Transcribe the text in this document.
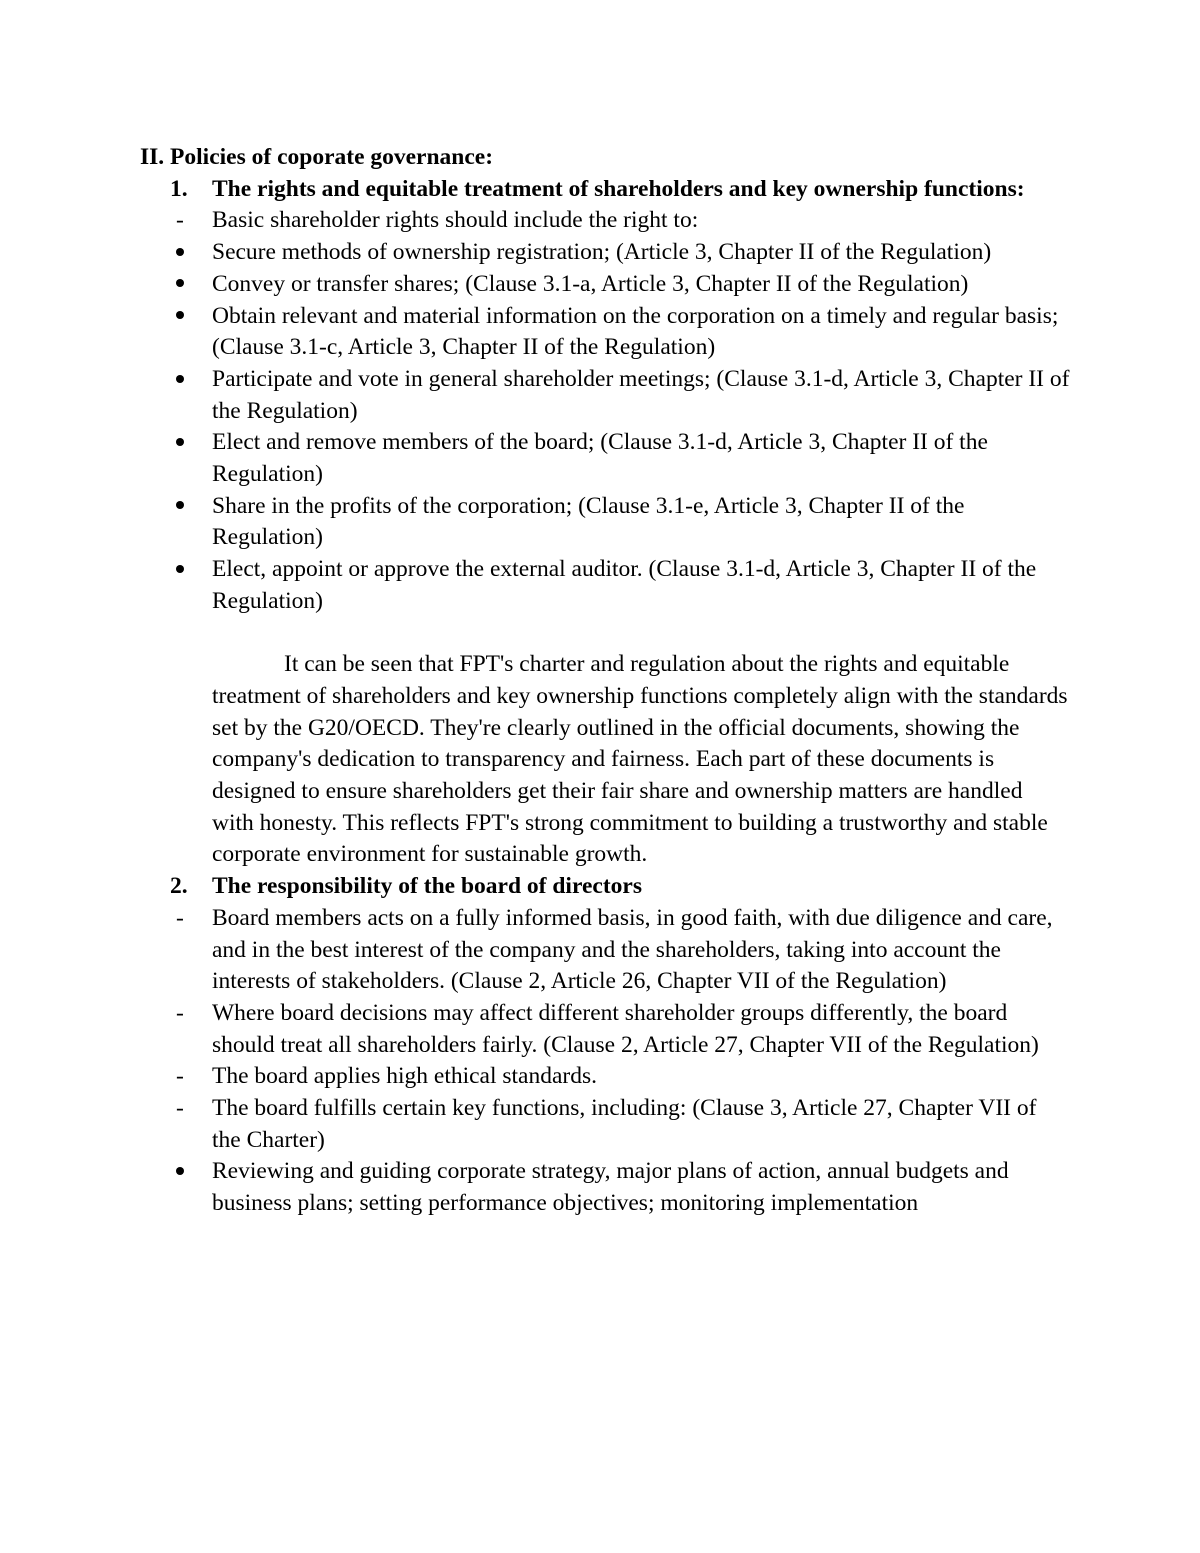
II. Policies of coporate governance:

1.	The rights and equitable treatment of shareholders and key ownership functions:
-	Basic shareholder rights should include the right to:
Secure methods of ownership registration; (Article 3, Chapter II of the Regulation)
Convey or transfer shares; (Clause 3.1-a, Article 3, Chapter II of the Regulation)
Obtain relevant and material information on the corporation on a timely and regular basis; (Clause 3.1-c, Article 3, Chapter II of the Regulation)
Participate and vote in general shareholder meetings; (Clause 3.1-d, Article 3, Chapter II of the Regulation)
Elect and remove members of the board; (Clause 3.1-d, Article 3, Chapter II of the Regulation)
Share in the profits of the corporation; (Clause 3.1-e, Article 3, Chapter II of the Regulation)
Elect, appoint or approve the external auditor. (Clause 3.1-d, Article 3, Chapter II of the Regulation)

It can be seen that FPT's charter and regulation about the rights and equitable treatment of shareholders and key ownership functions completely align with the standards set by the G20/OECD. They're clearly outlined in the official documents, showing the company's dedication to transparency and fairness. Each part of these documents is designed to ensure shareholders get their fair share and ownership matters are handled with honesty. This reflects FPT's strong commitment to building a trustworthy and stable corporate environment for sustainable growth.

2.	The responsibility of the board of directors
-	Board members acts on a fully informed basis, in good faith, with due diligence and care, and in the best interest of the company and the shareholders, taking into account the interests of stakeholders. (Clause 2, Article 26, Chapter VII of the Regulation)
-	Where board decisions may affect different shareholder groups differently, the board should treat all shareholders fairly. (Clause 2, Article 27, Chapter VII of the Regulation)
-	The board applies high ethical standards.
-	The board fulfills certain key functions, including: (Clause 3, Article 27, Chapter VII of the Charter)
Reviewing and guiding corporate strategy, major plans of action, annual budgets and business plans; setting performance objectives; monitoring implementation
